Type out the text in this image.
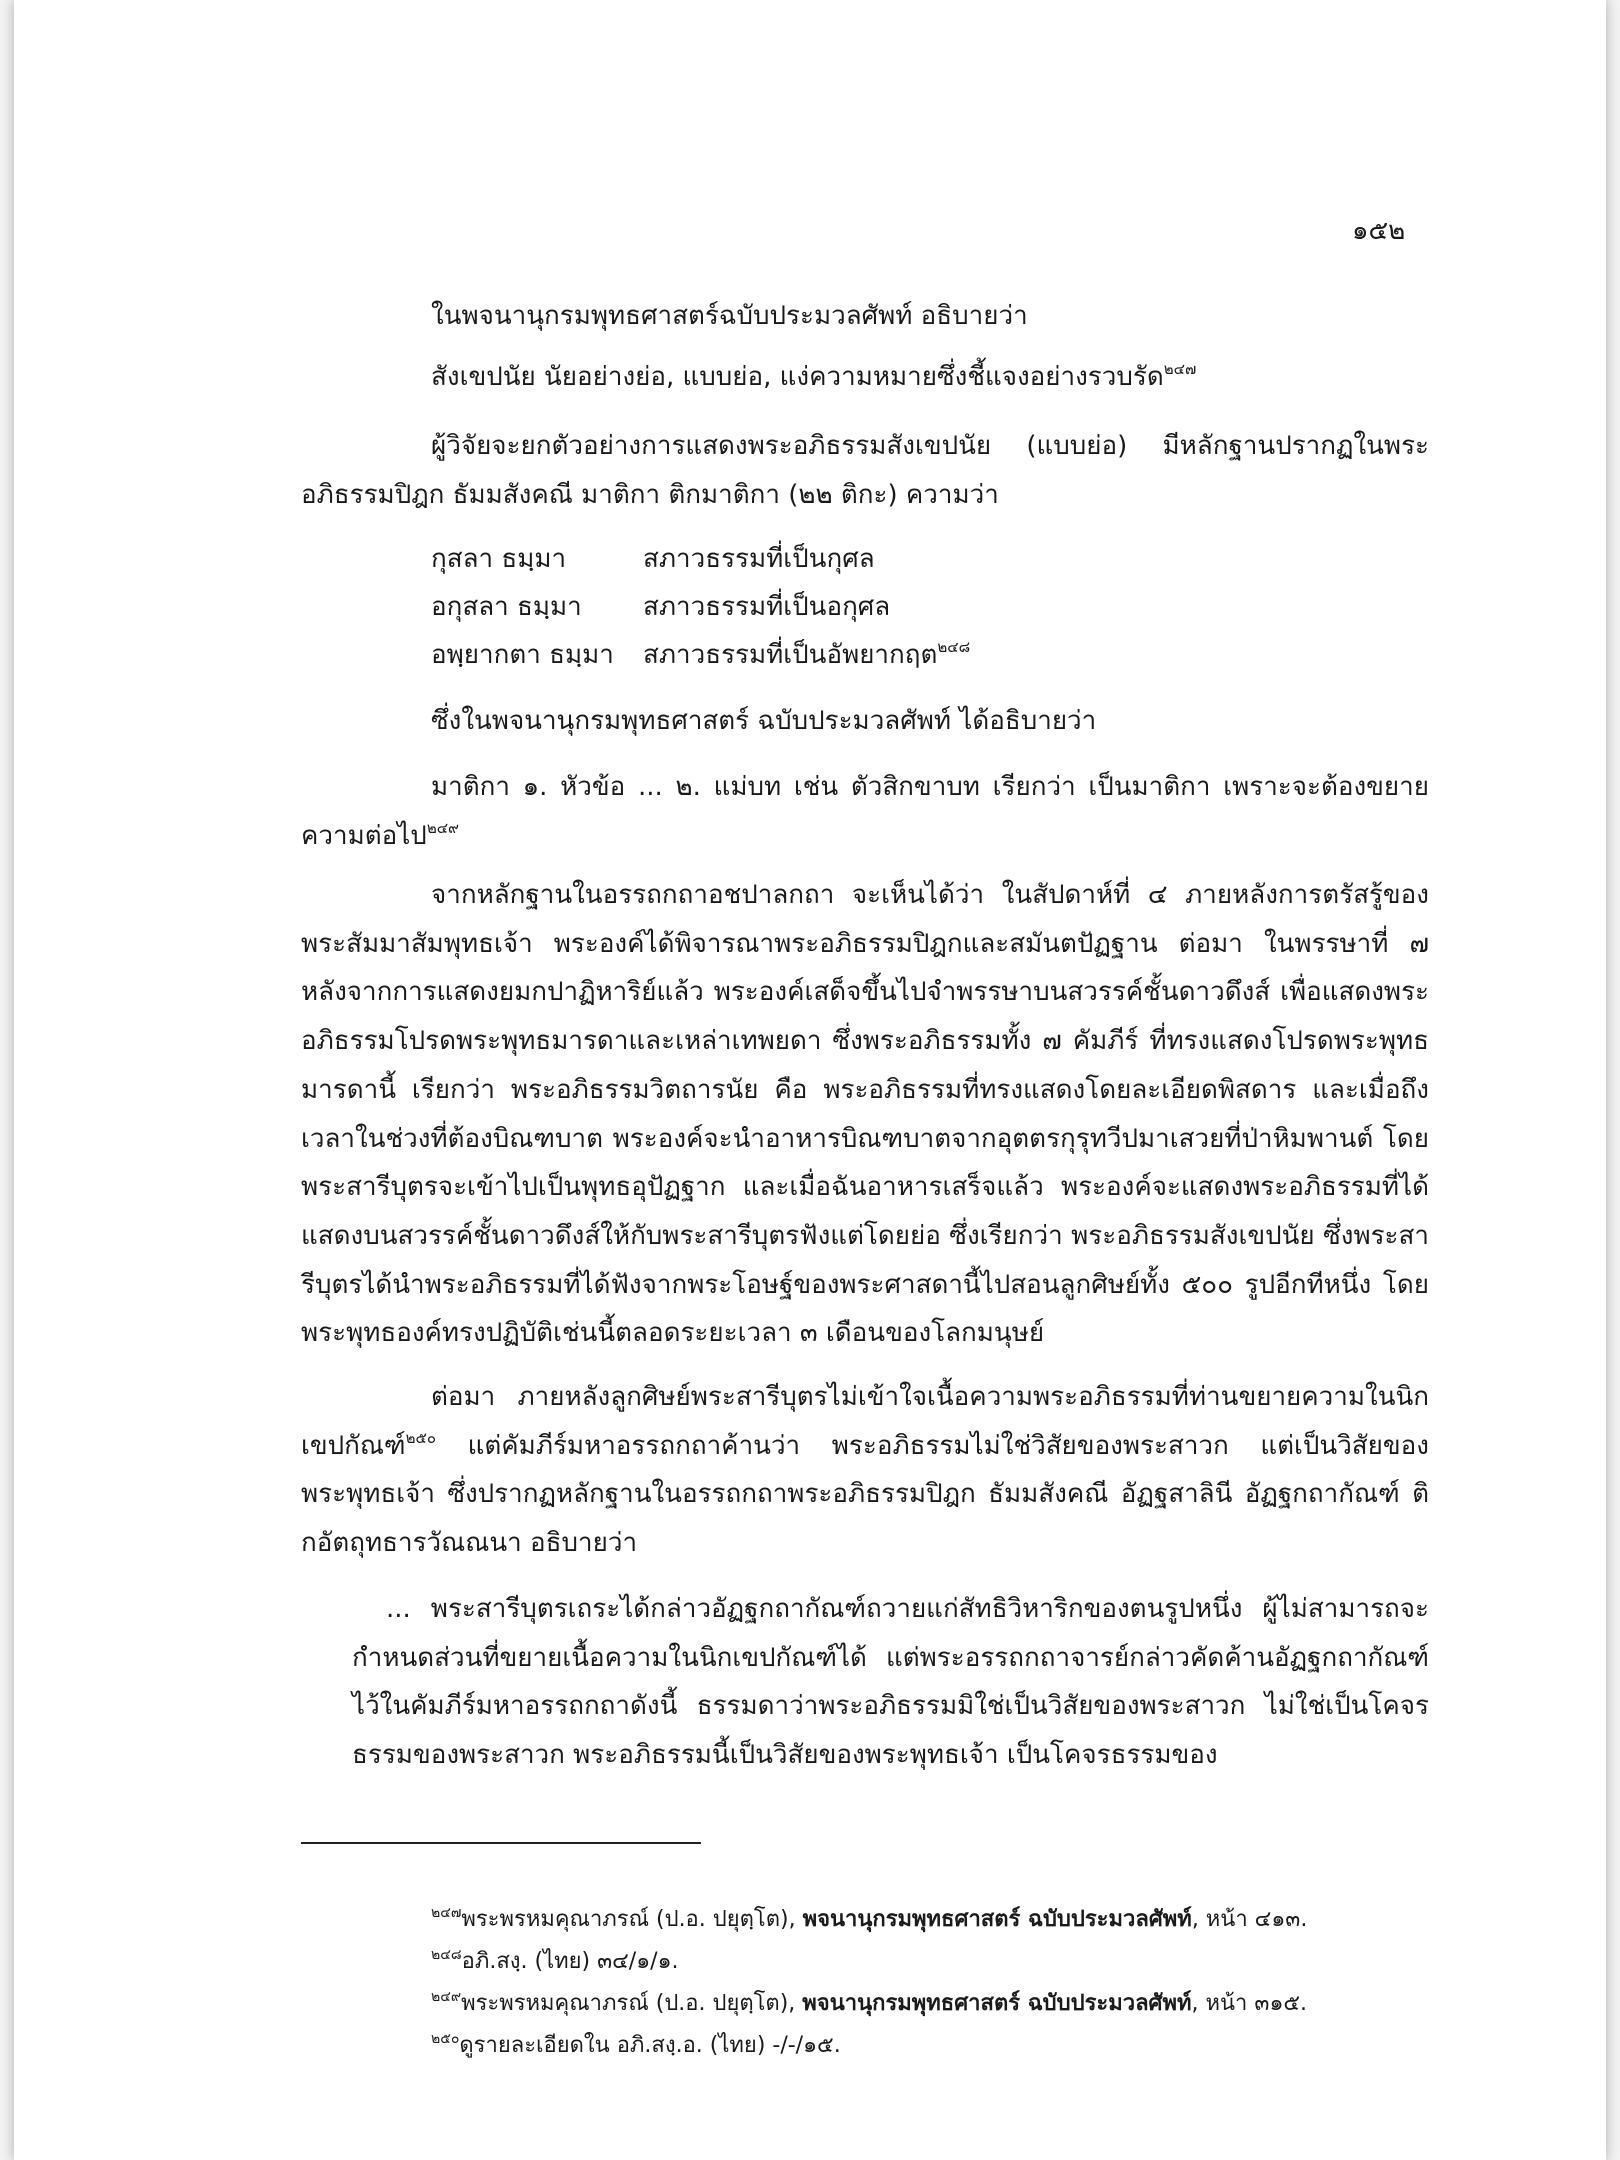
๑๕๒
ในพจนานุกรมพุทธศาสตร์ฉบับประมวลศัพท์ อธิบายว่า
สังเขปนัย นัยอย่างย่อ, แบบย่อ, แง่ความหมายซึ่งชี้แจงอย่างรวบรัด$^{๒๔๗}$
ผู้วิจัยจะยกตัวอย่างการแสดงพระอภิธรรมสังเขปนัย (แบบย่อ) มีหลักฐานปรากฏในพระอภิธรรมปิฎก ธัมมสังคณี มาติกา ติกมาติกา (๒๒ ติกะ) ความว่า
กุสลา ธมฺมา	สภาวธรรมที่เป็นกุศล
อกุสลา ธมฺมา สภาวธรรมที่เป็นอกุศล
อพฺยากตา ธมฺมา สภาวธรรมที่เป็นอัพยากฤต$^{๒๔๘}$
ซึ่งในพจนานุกรมพุทธศาสตร์ ฉบับประมวลศัพท์ ได้อธิบายว่า
มาติกา ๑. หัวข้อ ... ๒. แม่บท เช่น ตัวสิกขาบท เรียกว่า เป็นมาติกา เพราะจะต้องขยายความต่อไป$^{๒๔๙}$
จากหลักฐานในอรรถกถาอชปาลกถา จะเห็นได้ว่า ในสัปดาห์ที่ ๔ ภายหลังการตรัสรู้ของพระสัมมาสัมพุทธเจ้า พระองค์ได้พิจารณาพระอภิธรรมปิฎกและสมันตปัฏฐาน ต่อมา ในพรรษาที่ ๗ หลังจากการแสดงยมกปาฏิหาริย์แล้ว พระองค์เสด็จขึ้นไปจำพรรษาบนสวรรค์ชั้นดาวดึงส์ เพื่อแสดงพระอภิธรรมโปรดพระพุทธมารดาและเหล่าเทพยดา ซึ่งพระอภิธรรมทั้ง ๗ คัมภีร์ ที่ทรงแสดงโปรดพระพุทธมารดานี้ เรียกว่า พระอภิธรรมวิตถารนัย คือ พระอภิธรรมที่ทรงแสดงโดยละเอียดพิสดาร และเมื่อถึงเวลาในช่วงที่ต้องบิณฑบาต พระองค์จะนำอาหารบิณฑบาตจากอุตตรกุรุทวีปมาเสวยที่ป่าหิมพานต์ โดยพระสารีบุตรจะเข้าไปเป็นพุทธอุปัฏฐาก และเมื่อฉันอาหารเสร็จแล้ว พระองค์จะแสดงพระอภิธรรมที่ได้แสดงบนสวรรค์ชั้นดาวดึงส์ให้กับพระสารีบุตรฟังแต่โดยย่อ ซึ่งเรียกว่า พระอภิธรรมสังเขปนัย ซึ่งพระสารีบุตรได้นำพระอภิธรรมที่ได้ฟังจากพระโอษฐ์ของพระศาสดานี้ไปสอนลูกศิษย์ทั้ง ๕๐๐ รูปอีกทีหนึ่ง โดยพระพุทธองค์ทรงปฏิบัติเช่นนี้ตลอดระยะเวลา ๓ เดือนของโลกมนุษย์
ต่อมา ภายหลังลูกศิษย์พระสารีบุตรไม่เข้าใจเนื้อความพระอภิธรรมที่ท่านขยายความในนิกเขปกัณฑ์$^{๒๕๐}$ แต่คัมภีร์มหาอรรถกถาค้านว่า พระอภิธรรมไม่ใช่วิสัยของพระสาวก แต่เป็นวิสัยของพระพุทธเจ้า ซึ่งปรากฏหลักฐานในอรรถกถาพระอภิธรรมปิฎก ธัมมสังคณี อัฏฐสาลินี อัฏฐกถากัณฑ์ ติกอัตถุทธารวัณณนา อธิบายว่า
... พระสารีบุตรเถระได้กล่าวอัฏฐกถากัณฑ์ถวายแก่สัทธิวิหาริกของตนรูปหนึ่ง ผู้ไม่สามารถจะกำหนดส่วนที่ขยายเนื้อความในนิกเขปกัณฑ์ได้ แต่พระอรรถกถาจารย์กล่าวคัดค้านอัฏฐกถากัณฑ์ไว้ในคัมภีร์มหาอรรถกถาดังนี้ ธรรมดาว่าพระอภิธรรมมิใช่เป็นวิสัยของพระสาวก ไม่ใช่เป็นโคจรธรรมของพระสาวก พระอภิธรรมนี้เป็นวิสัยของพระพุทธเจ้า เป็นโคจรธรรมของ
$^{๒๔๗}$พระพรหมคุณาภรณ์ (ป.อ. ปยุตฺโต), พจนานุกรมพุทธศาสตร์ ฉบับประมวลศัพท์, หน้า ๔๑๓.
$^{๒๔๘}$อภิ.สงฺ. (ไทย) ๓๔/๑/๑.
$^{๒๔๙}$พระพรหมคุณาภรณ์ (ป.อ. ปยุตฺโต), พจนานุกรมพุทธศาสตร์ ฉบับประมวลศัพท์, หน้า ๓๑๕.
$^{๒๕๐}$ดูรายละเอียดใน อภิ.สงฺ.อ. (ไทย) -/-/๑๕.
